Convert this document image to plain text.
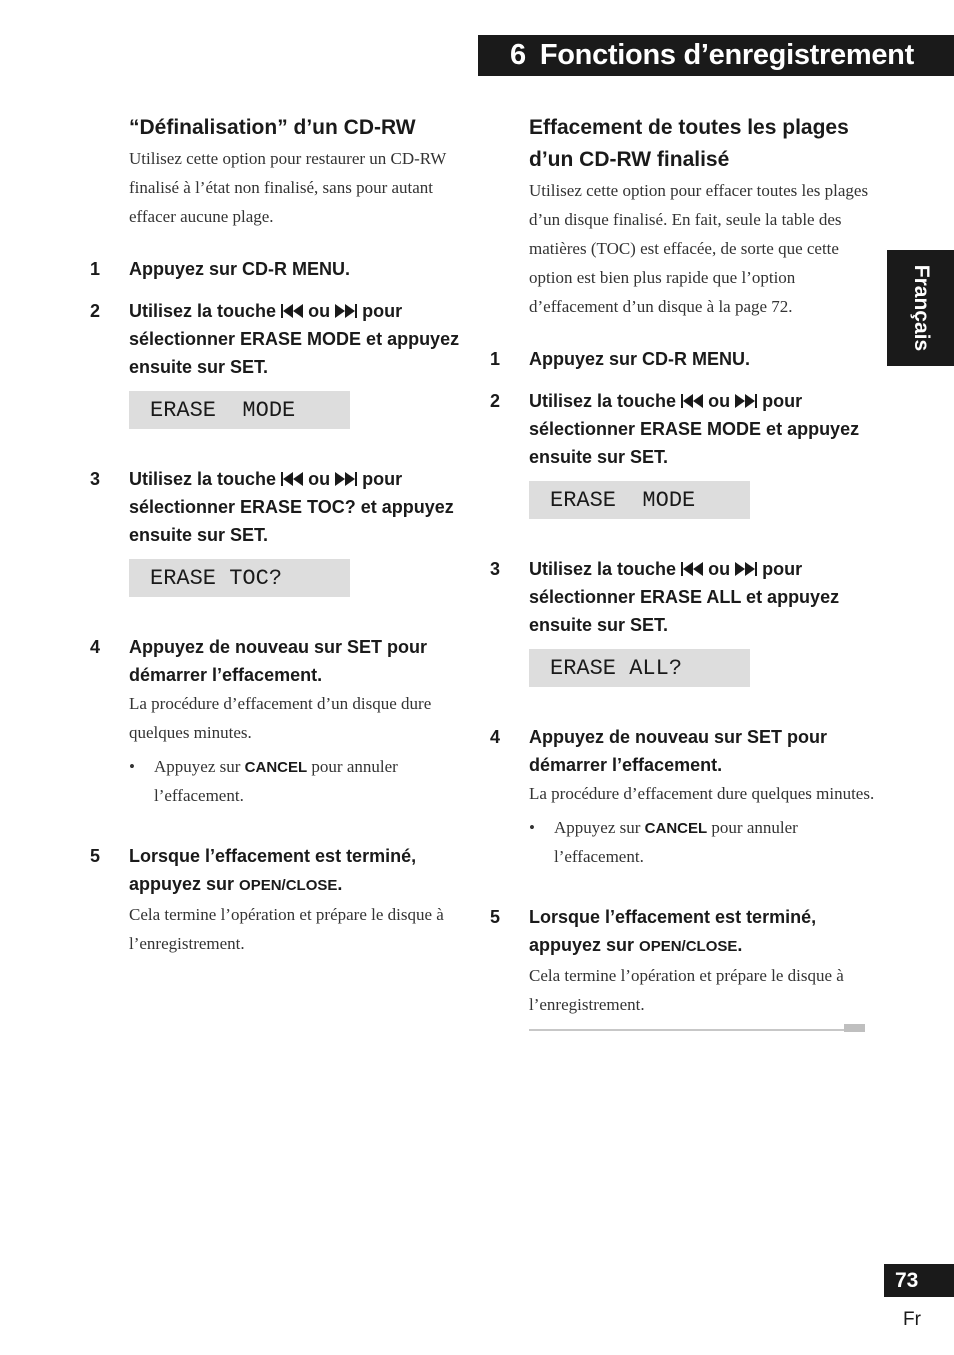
6 Fonctions d’enregistrement
Français
“Définalisation” d’un CD-RW

Utilisez cette option pour restaurer un CD-RW finalisé à l’état non finalisé, sans pour autant effacer aucune plage.

1	Appuyez sur CD-R MENU.
2	Utilisez la touche ou pour sélectionner ERASE MODE et appuyez ensuite sur SET.
ERASE  MODE
3	Utilisez la touche ou pour sélectionner ERASE TOC? et appuyez ensuite sur SET.
ERASE TOC?
4	Appuyez de nouveau sur SET pour démarrer l’effacement.
La procédure d’effacement d’un disque dure quelques minutes.
•	Appuyez sur CANCEL pour annuler l’effacement.
5	Lorsque l’effacement est terminé, appuyez sur OPEN/CLOSE.
Cela termine l’opération et prépare le disque à l’enregistrement.
Effacement de toutes les plages d’un CD-RW finalisé

Utilisez cette option pour effacer toutes les plages d’un disque finalisé. En fait, seule la table des matières (TOC) est effacée, de sorte que cette option est bien plus rapide que l’option d’effacement d’un disque à la page 72.

1	Appuyez sur CD-R MENU.
2	Utilisez la touche ou pour sélectionner ERASE MODE et appuyez ensuite sur SET.
ERASE  MODE
3	Utilisez la touche ou pour sélectionner ERASE ALL et appuyez ensuite sur SET.
ERASE ALL?
4	Appuyez de nouveau sur SET pour démarrer l’effacement.
La procédure d’effacement dure quelques minutes.
•	Appuyez sur CANCEL pour annuler l’effacement.
5	Lorsque l’effacement est terminé, appuyez sur OPEN/CLOSE.
Cela termine l’opération et prépare le disque à l’enregistrement.
73
Fr
